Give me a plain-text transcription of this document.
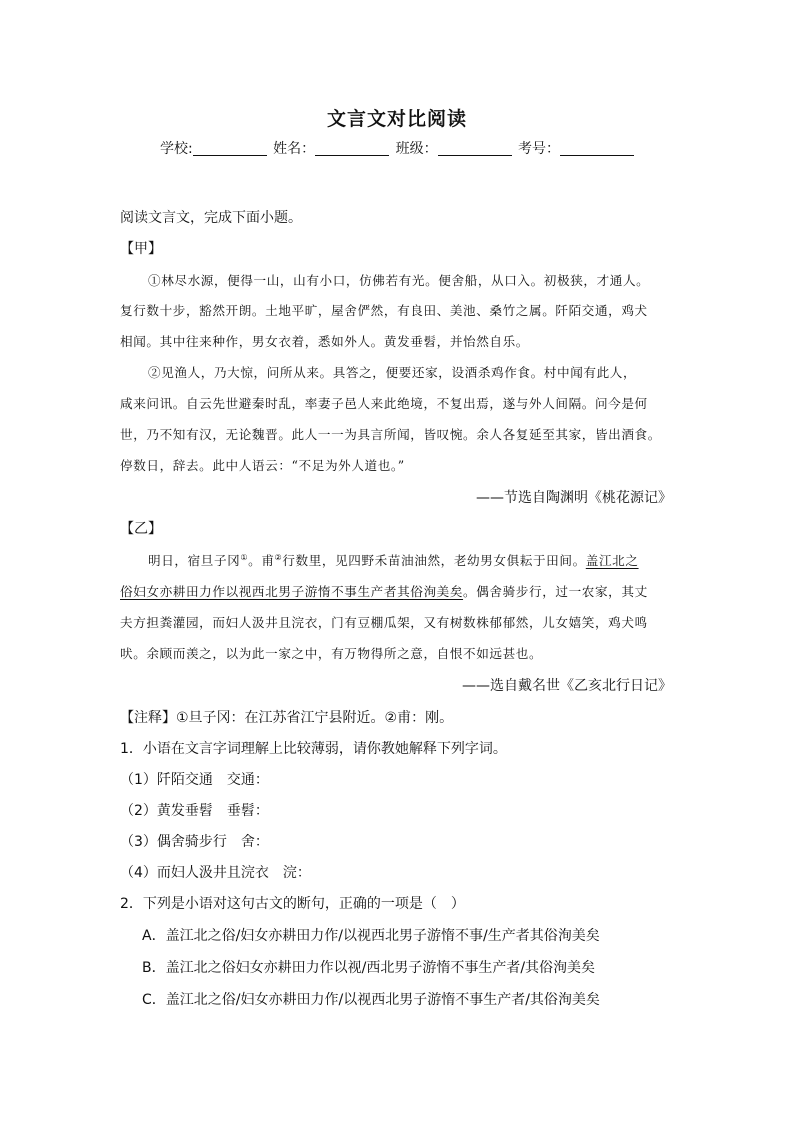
文言文对比阅读
学校:	姓名：	班级：	考号：
阅读文言文，完成下面小题。
【甲】
①林尽水源，便得一山，山有小口，仿佛若有光。便舍船，从口入。初极狭，才通人。
复行数十步，豁然开朗。土地平旷，屋舍俨然，有良田、美池、桑竹之属。阡陌交通，鸡犬
相闻。其中往来种作，男女衣着，悉如外人。黄发垂髫，并怡然自乐。
②见渔人，乃大惊，问所从来。具答之，便要还家，设酒杀鸡作食。村中闻有此人，
咸来问讯。自云先世避秦时乱，率妻子邑人来此绝境，不复出焉，遂与外人间隔。问今是何
世，乃不知有汉，无论魏晋。此人一一为具言所闻，皆叹惋。余人各复延至其家，皆出酒食。
停数日，辞去。此中人语云：“不足为外人道也。”
——节选自陶渊明《桃花源记》
【乙】
明日，宿旦子冈①。甫②行数里，见四野禾苗油油然，老幼男女俱耘于田间。盖江北之
俗妇女亦耕田力作以视西北男子游惰不事生产者其俗洵美矣。偶舍骑步行，过一农家，其丈
夫方担粪灌园，而妇人汲井且浣衣，门有豆棚瓜架，又有树数株郁郁然，儿女嬉笑，鸡犬鸣
吠。余顾而羡之，以为此一家之中，有万物得所之意，自恨不如远甚也。
——选自戴名世《乙亥北行日记》
【注释】①旦子冈：在江苏省江宁县附近。②甫：刚。
1．小语在文言字词理解上比较薄弱，请你教她解释下列字词。
（1）阡陌交通　交通：
（2）黄发垂髫　垂髫：
（3）偶舍骑步行　舍：
（4）而妇人汲井且浣衣　浣：
2．下列是小语对这句古文的断句，正确的一项是（　）
A．盖江北之俗/妇女亦耕田力作/以视西北男子游惰不事/生产者其俗洵美矣
B．盖江北之俗妇女亦耕田力作以视/西北男子游惰不事生产者/其俗洵美矣
C．盖江北之俗/妇女亦耕田力作/以视西北男子游惰不事生产者/其俗洵美矣
